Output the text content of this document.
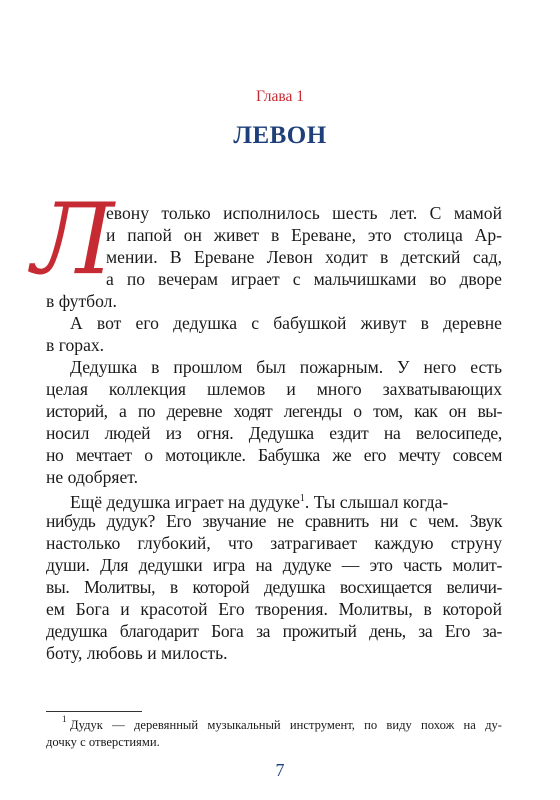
Глава 1
ЛЕВОН
Л
евону только исполнилось шесть лет. С мамой
и папой он живет в Ереване, это столица Ар-
мении. В Ереване Левон ходит в детский сад,
а по вечерам играет с мальчишками во дворе
в футбол.
А вот его дедушка с бабушкой живут в деревне
в горах.
Дедушка в прошлом был пожарным. У него есть
целая коллекция шлемов и много захватывающих
историй, а по деревне ходят легенды о том, как он вы-
носил людей из огня. Дедушка ездит на велосипеде,
но мечтает о мотоцикле. Бабушка же его мечту совсем
не одобряет.
Ещё дедушка играет на дудуке$^1$. Ты слышал когда-
нибудь дудук? Его звучание не сравнить ни с чем. Звук
настолько глубокий, что затрагивает каждую струну
души. Для дедушки игра на дудуке — это часть молит-
вы. Молитвы, в которой дедушка восхищается величи-
ем Бога и красотой Его творения. Молитвы, в которой
дедушка благодарит Бога за прожитый день, за Его за-
боту, любовь и милость.
1 Дудук — деревянный музыкальный инструмент, по виду похож на ду-
дочку с отверстиями.
7
